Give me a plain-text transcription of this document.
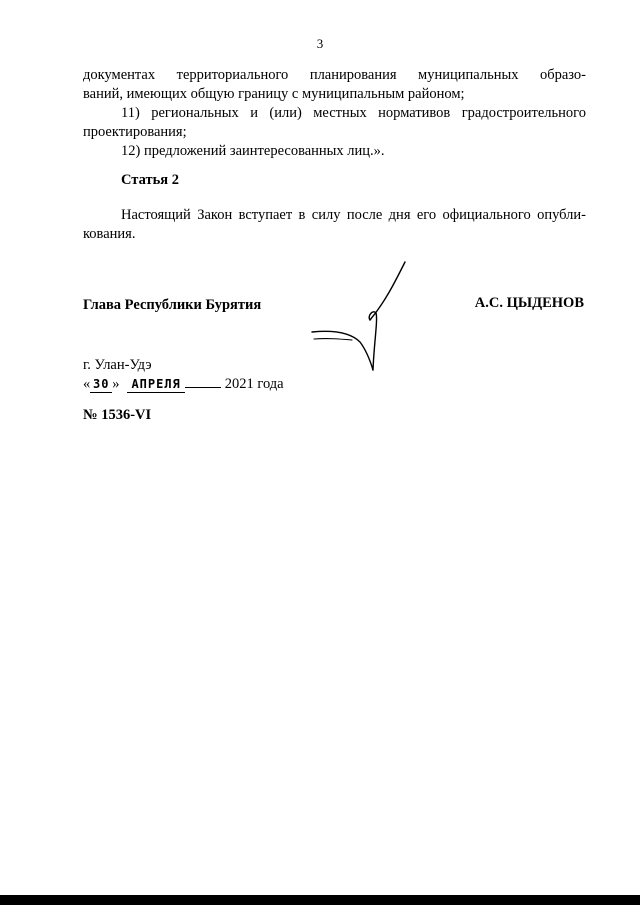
3
документах территориального планирования муниципальных образо-
ваний, имеющих общую границу с муниципальным районом;
11) региональных и (или) местных нормативов градостроительного
проектирования;
12) предложений заинтересованных лиц.».
Статья 2
Настоящий Закон вступает в силу после дня его официального опубли-
кования.
Глава Республики Бурятия	А.С. ЦЫДЕНОВ
г. Улан-Удэ
« 30 » АПРЕЛЯ	2021 года
№ 1536-VI
